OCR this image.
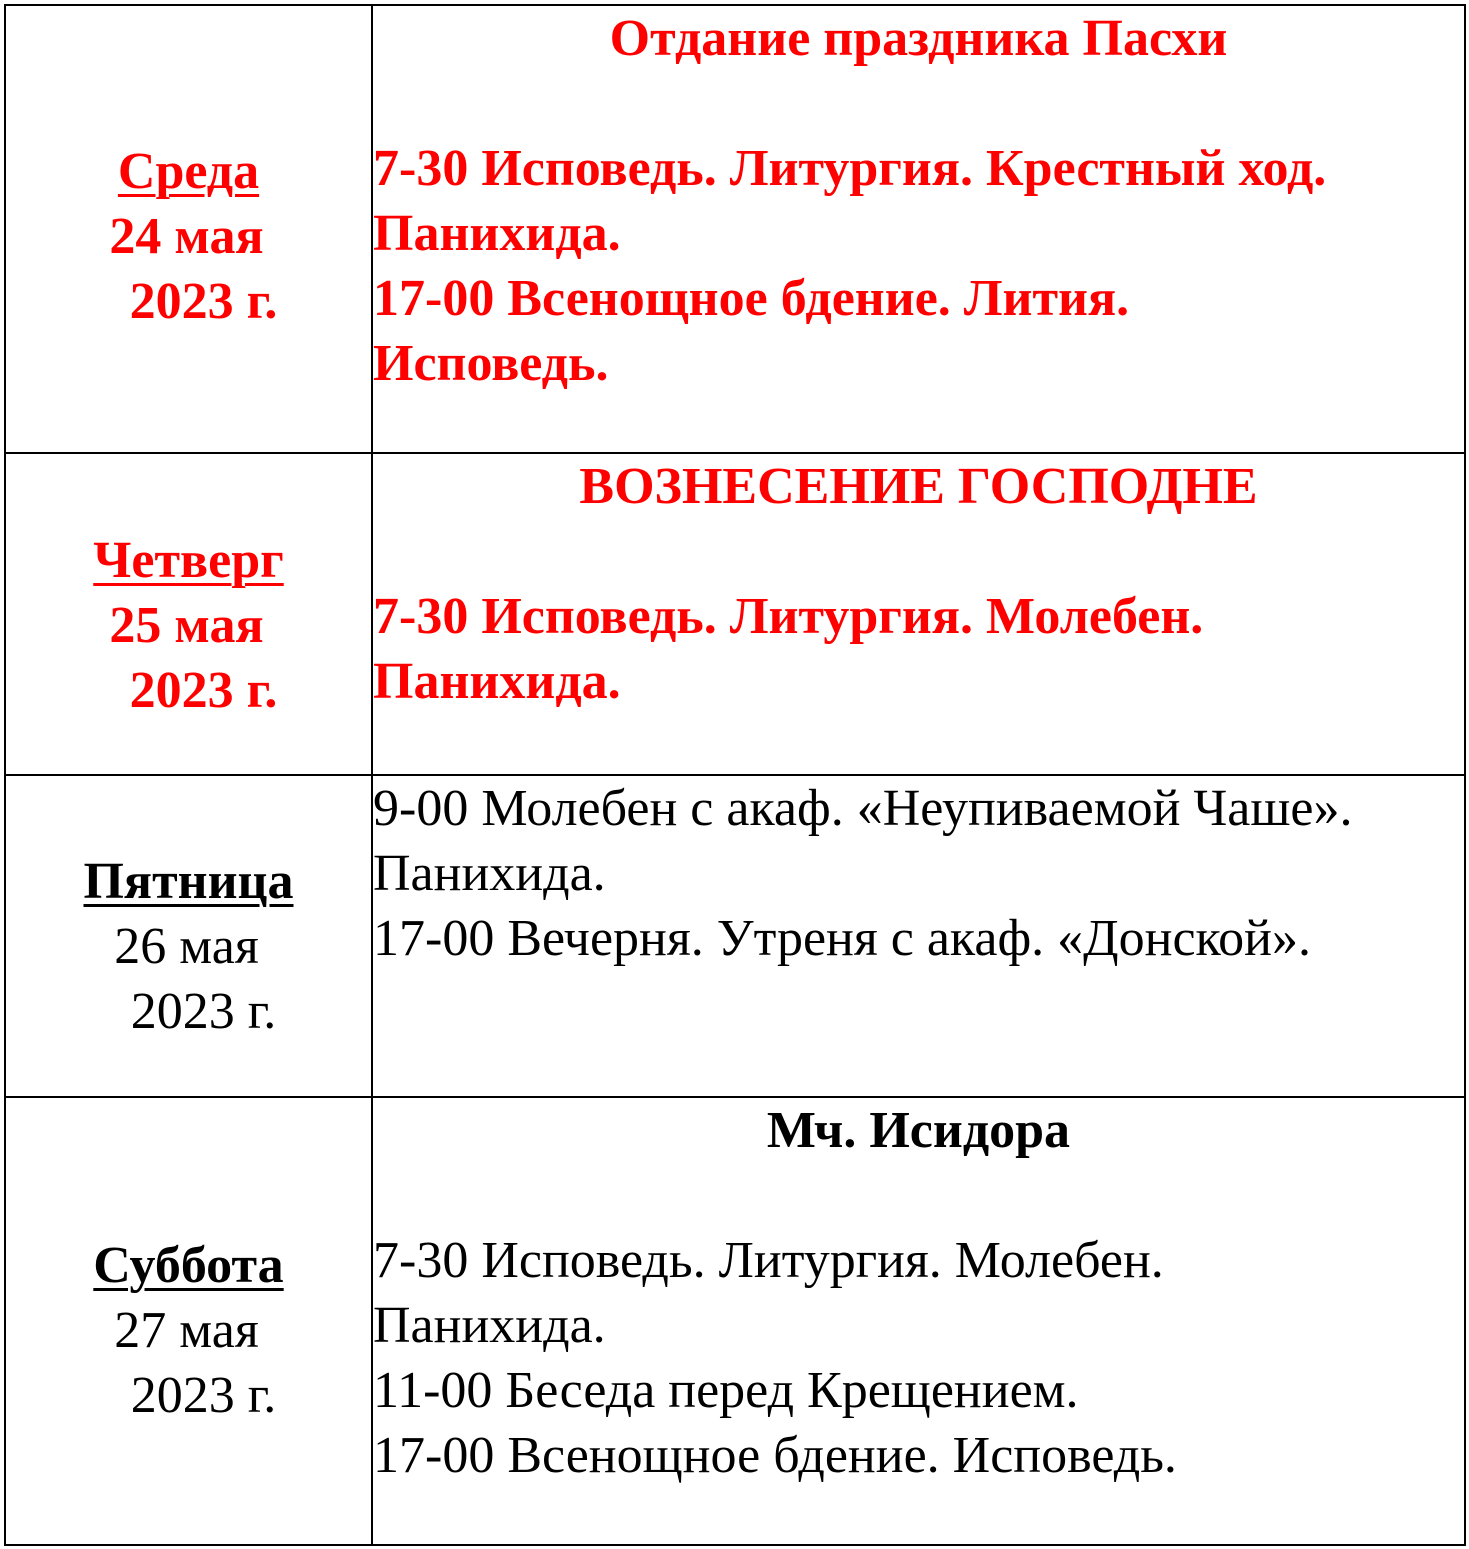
Среда
24 мая
2023 г.	Отдание праздника Пасхи
7-30 Исповедь. Литургия. Крестный ход.
Панихида.
17-00 Всенощное бдение. Лития.
Исповедь.

Четверг
25 мая
2023 г.	ВОЗНЕСЕНИЕ ГОСПОДНЕ
7-30 Исповедь. Литургия. Молебен.
Панихида.

Пятница
26 мая
2023 г.	9-00 Молебен с акаф. «Неупиваемой Чаше».
Панихида.
17-00 Вечерня. Утреня с акаф. «Донской».

Суббота
27 мая
2023 г.	Мч. Исидора
7-30 Исповедь. Литургия. Молебен.
Панихида.
11-00 Беседа перед Крещением.
17-00 Всенощное бдение. Исповедь.
